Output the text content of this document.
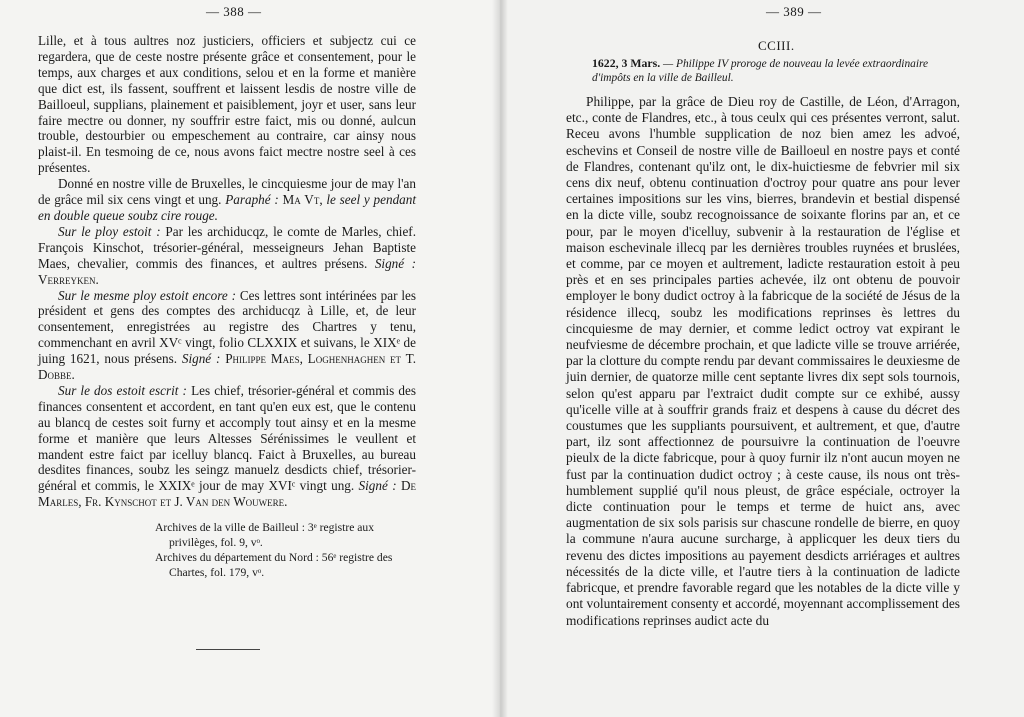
— 388 —

Lille, et à tous aultres noz justiciers, officiers et subjectz cui ce regardera, que de ceste nostre présente grâce et consentement, pour le temps, aux charges et aux conditions, selou et en la forme et manière que dict est, ils fassent, souffrent et laissent lesdis de nostre ville de Bailloeul, supplians, plainement et paisiblement, joyr et user, sans leur faire mectre ou donner, ny souffrir estre faict, mis ou donné, aulcun trouble, destourbier ou empeschement au contraire, car ainsy nous plaist-il. En tesmoing de ce, nous avons faict mectre nostre seel à ces présentes.

Donné en nostre ville de Bruxelles, le cincquiesme jour de may l'an de grâce mil six cens vingt et ung. Paraphé : Ma Vt, le seel y pendant en double queue soubz cire rouge.

Sur le ploy estoit : Par les archiducqz, le comte de Marles, chief. François Kinschot, trésorier-général, messeigneurs Jehan Baptiste Maes, chevalier, commis des finances, et aultres présens. Signé : Verreyken.

Sur le mesme ploy estoit encore : Ces lettres sont intérinées par les président et gens des comptes des archiducqz à Lille, et, de leur consentement, enregistrées au registre des Chartres y tenu, commenchant en avril XVᶜ vingt, folio CLXXIX et suivans, le XIXᵉ de juing 1621, nous présens. Signé : Philippe Maes, Loghenhaghen et T. Dobbe.

Sur le dos estoit escrit : Les chief, trésorier-général et commis des finances consentent et accordent, en tant qu'en eux est, que le contenu au blancq de cestes soit furny et accomply tout ainsy et en la mesme forme et manière que leurs Altesses Sérénissimes le veullent et mandent estre faict par icelluy blancq. Faict à Bruxelles, au bureau desdites finances, soubz les seingz manuelz desdicts chief, trésorier-général et commis, le XXIXᵉ jour de may XVIᶜ vingt ung. Signé : De Marles, Fr. Kynschot et J. Van den Wouwere.

Archives de la ville de Bailleul : 3ᵉ registre aux privilèges, fol. 9, vᵒ.
Archives du département du Nord : 56ᵉ registre des Chartes, fol. 179, vᵒ.
— 389 —
CCIII.
1622, 3 Mars. — Philippe IV proroge de nouveau la levée extraordinaire d'impôts en la ville de Bailleul.

Philippe, par la grâce de Dieu roy de Castille, de Léon, d'Arragon, etc., conte de Flandres, etc., à tous ceulx qui ces présentes verront, salut. Receu avons l'humble supplication de noz bien amez les advoé, eschevins et Conseil de nostre ville de Bailloeul en nostre pays et conté de Flandres, contenant qu'ilz ont, le dix-huictiesme de febvrier mil six cens dix neuf, obtenu continuation d'octroy pour quatre ans pour lever certaines impositions sur les vins, bierres, brandevin et bestial dispensé en la dicte ville, soubz recognoissance de soixante florins par an, et ce pour, par le moyen d'icelluy, subvenir à la restauration de l'église et maison eschevinale illecq par les dernières troubles ruynées et bruslées, et comme, par ce moyen et aultrement, ladicte restauration estoit à peu près et en ses principales parties achevée, ilz ont obtenu de pouvoir employer le bony dudict octroy à la fabricque de la société de Jésus de la résidence illecq, soubz les modifications reprinses ès lettres du cincquiesme de may dernier, et comme ledict octroy vat expirant le neufviesme de décembre prochain, et que ladicte ville se trouve arriérée, par la clotture du compte rendu par devant commissaires le deuxiesme de juin dernier, de quatorze mille cent septante livres dix sept sols tournois, selon qu'est apparu par l'extraict dudit compte sur ce exhibé, aussy qu'icelle ville at à souffrir grands fraiz et despens à cause du décret des coustumes que les suppliants poursuivent, et aultrement, et que, d'autre part, ilz sont affectionnez de poursuivre la continuation de l'oeuvre pieulx de la dicte fabricque, pour à quoy furnir ilz n'ont aucun moyen ne fust par la continuation dudict octroy ; à ceste cause, ils nous ont très-humblement supplié qu'il nous pleust, de grâce espéciale, octroyer la dicte continuation pour le temps et terme de huict ans, avec augmentation de six sols parisis sur chascune rondelle de bierre, en quoy la commune n'aura aucune surcharge, à applicquer les deux tiers du revenu des dictes impositions au payement desdicts arriérages et aultres nécessités de la dicte ville, et l'autre tiers à la continuation de ladicte fabricque, et prendre favorable regard que les notables de la dicte ville y ont voluntairement consenty et accordé, moyennant accomplissement des modifications reprinses audict acte du
